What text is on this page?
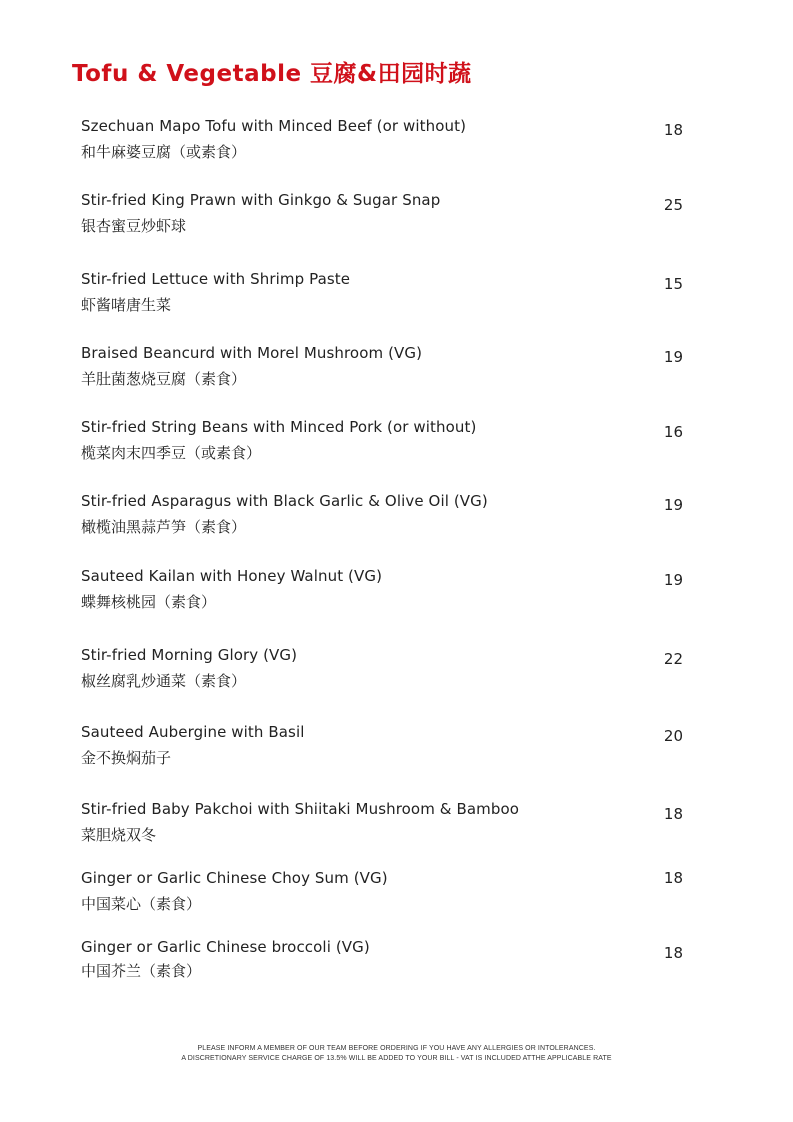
Tofu & Vegetable 豆腐&田园时蔬
Szechuan Mapo Tofu with Minced Beef (or without)
和牛麻婆豆腐（或素食）
18
Stir-fried King Prawn with Ginkgo & Sugar Snap
银杏蜜豆炒虾球
25
Stir-fried Lettuce with Shrimp Paste
虾酱啫唐生菜
15
Braised Beancurd with Morel Mushroom (VG)
羊肚菌葱烧豆腐（素食）
19
Stir-fried String Beans with Minced Pork (or without)
榄菜肉末四季豆（或素食）
16
Stir-fried Asparagus with Black Garlic & Olive Oil (VG)
橄榄油黑蒜芦笋（素食）
19
Sauteed Kailan with Honey Walnut (VG)
蝶舞核桃园（素食）
19
Stir-fried Morning Glory (VG)
椒丝腐乳炒通菜（素食）
22
Sauteed Aubergine with Basil
金不换焖茄子
20
Stir-fried Baby Pakchoi with Shiitaki Mushroom & Bamboo
菜胆烧双冬
18
Ginger or Garlic Chinese Choy Sum (VG)
中国菜心（素食）
18
Ginger or Garlic Chinese broccoli (VG)
中国芥兰（素食）
18
PLEASE INFORM A MEMBER OF OUR TEAM BEFORE ORDERING IF YOU HAVE ANY ALLERGIES OR INTOLERANCES.
A DISCRETIONARY SERVICE CHARGE OF 13.5% WILL BE ADDED TO YOUR BILL - VAT IS INCLUDED ATTHE APPLICABLE RATE
